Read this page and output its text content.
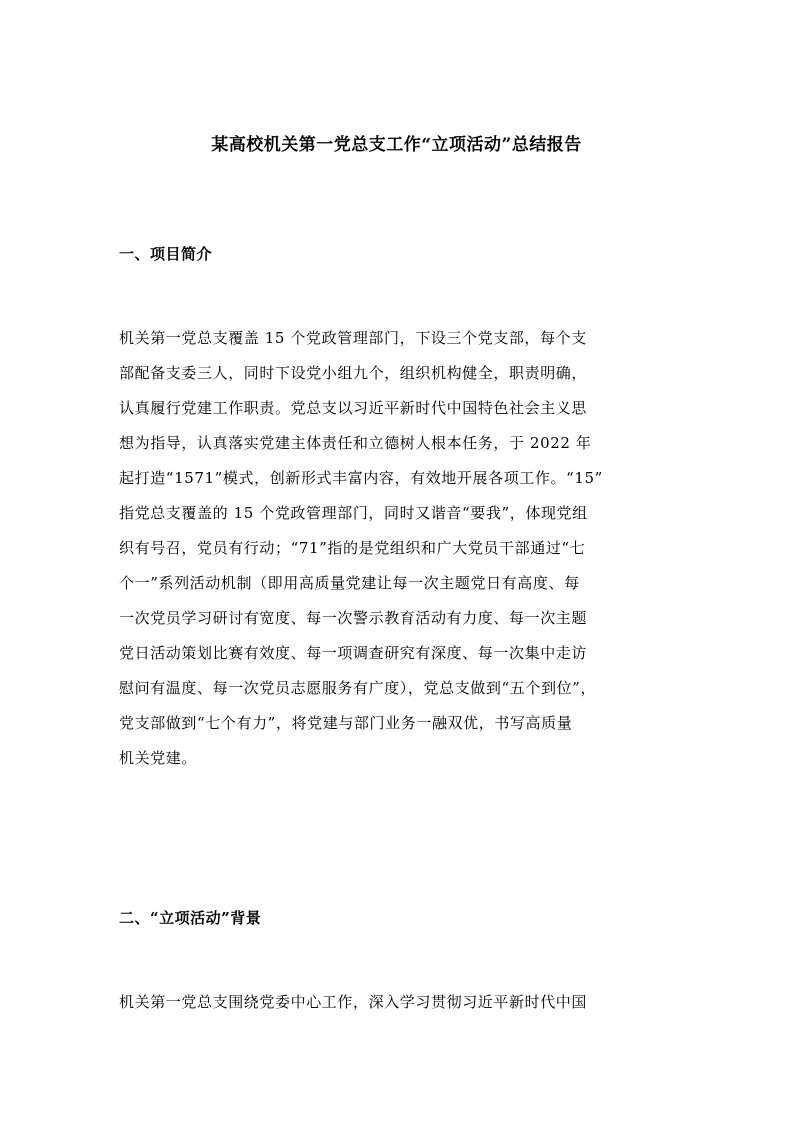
某高校机关第一党总支工作“立项活动”总结报告
一、项目简介

机关第一党总支覆盖 15 个党政管理部门，下设三个党支部，每个支
部配备支委三人，同时下设党小组九个，组织机构健全，职责明确，
认真履行党建工作职责。党总支以习近平新时代中国特色社会主义思
想为指导，认真落实党建主体责任和立德树人根本任务，于 2022 年
起打造“1571”模式，创新形式丰富内容，有效地开展各项工作。“15”
指党总支覆盖的 15 个党政管理部门，同时又谐音“要我”，体现党组
织有号召，党员有行动；“71”指的是党组织和广大党员干部通过“七
个一”系列活动机制（即用高质量党建让每一次主题党日有高度、每
一次党员学习研讨有宽度、每一次警示教育活动有力度、每一次主题
党日活动策划比赛有效度、每一项调查研究有深度、每一次集中走访
慰问有温度、每一次党员志愿服务有广度），党总支做到“五个到位”，
党支部做到“七个有力”，将党建与部门业务一融双优，书写高质量
机关党建。

二、“立项活动”背景

机关第一党总支围绕党委中心工作，深入学习贯彻习近平新时代中国
